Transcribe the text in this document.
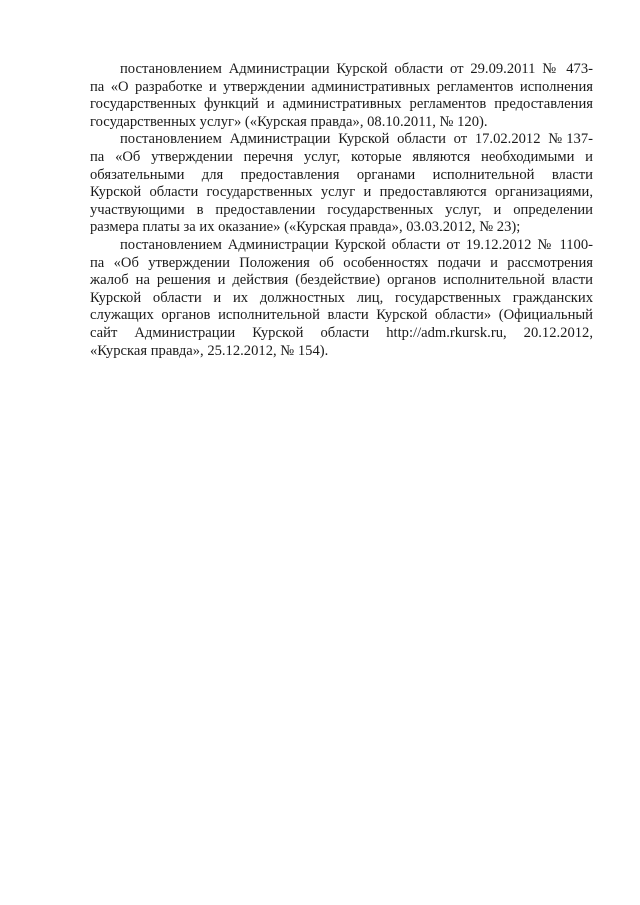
постановлением Администрации Курской области от 29.09.2011 № 473-
па «О разработке и утверждении административных регламентов исполнения
государственных функций и административных регламентов предоставления
государственных услуг» («Курская правда», 08.10.2011, № 120).

постановлением Администрации Курской области от 17.02.2012 №137-
па «Об утверждении перечня услуг, которые являются необходимыми и
обязательными для предоставления органами исполнительной власти
Курской области государственных услуг и предоставляются организациями,
участвующими в предоставлении государственных услуг, и определении
размера платы за их оказание» («Курская правда», 03.03.2012, № 23);

постановлением Администрации Курской области от 19.12.2012 № 1100-
па «Об утверждении Положения об особенностях подачи и рассмотрения
жалоб на решения и действия (бездействие) органов исполнительной власти
Курской области и их должностных лиц, государственных гражданских
служащих органов исполнительной власти Курской области» (Официальный
сайт Администрации Курской области http://adm.rkursk.ru, 20.12.2012,
«Курская правда», 25.12.2012, № 154).
